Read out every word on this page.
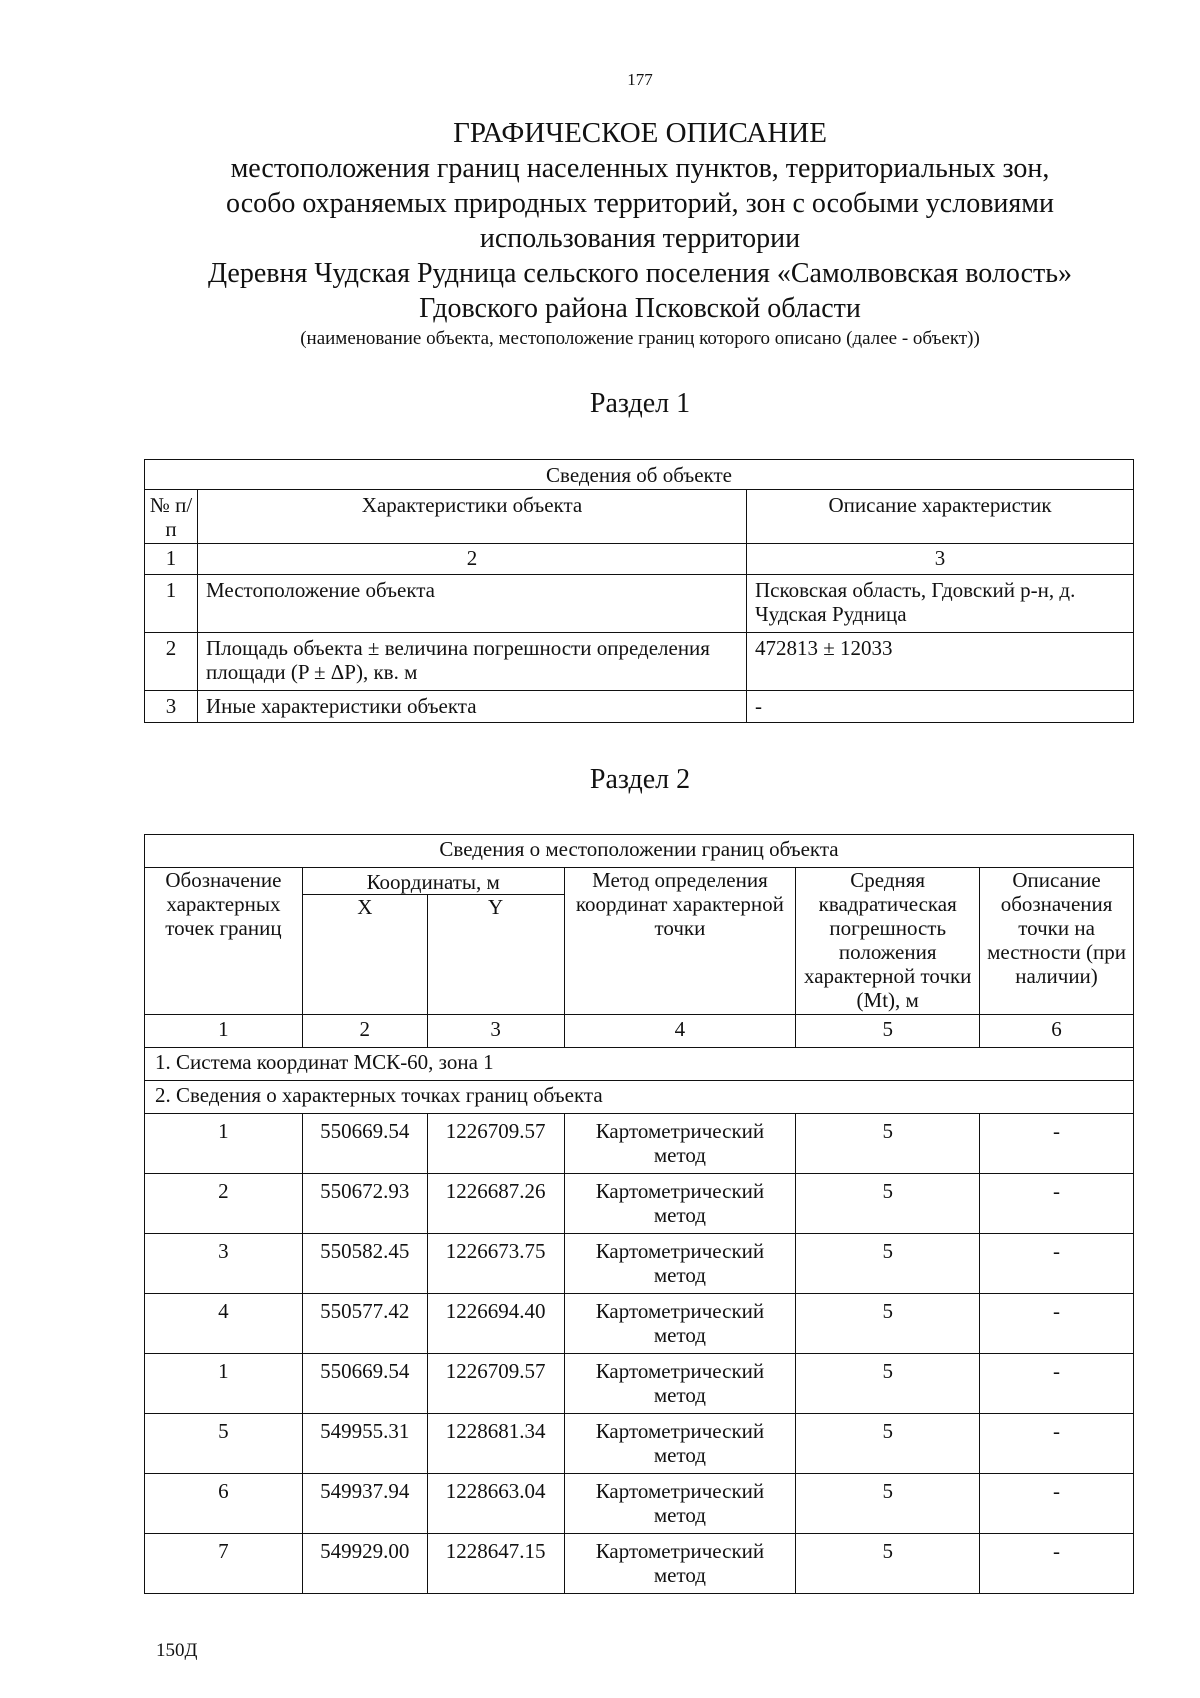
177
ГРАФИЧЕСКОЕ ОПИСАНИЕ
местоположения границ населенных пунктов, территориальных зон,
особо охраняемых природных территорий, зон с особыми условиями
использования территории
Деревня Чудская Рудница сельского поселения «Самолвовская волость»
Гдовского района Псковской области
(наименование объекта, местоположение границ которого описано (далее - объект))
Раздел 1
Сведения об объекте		
№ п/п	Характеристики объекта	Описание характеристик
1	2	3
1	Местоположение объекта	Псковская область, Гдовский р-н, д. Чудская Рудница
2	Площадь объекта ± величина погрешности определения площади (P ± ΔP), кв. м	472813 ± 12033
3	Иные характеристики объекта	-
Раздел 2
Сведения о местоположении границ объекта					
Обозначение характерных точек границ	Координаты, м		Метод определения координат характерной точки	Средняя квадратическая погрешность положения характерной точки (Mt), м	Описание обозначения точки на местности (при наличии)
	X	Y			
1	2	3	4	5	6
1. Система координат МСК-60, зона 1					
2. Сведения о характерных точках границ объекта					
1	550669.54	1226709.57	Картометрический метод	5	-
2	550672.93	1226687.26	Картометрический метод	5	-
3	550582.45	1226673.75	Картометрический метод	5	-
4	550577.42	1226694.40	Картометрический метод	5	-
1	550669.54	1226709.57	Картометрический метод	5	-
5	549955.31	1228681.34	Картометрический метод	5	-
6	549937.94	1228663.04	Картометрический метод	5	-
7	549929.00	1228647.15	Картометрический метод	5	-
150Д
